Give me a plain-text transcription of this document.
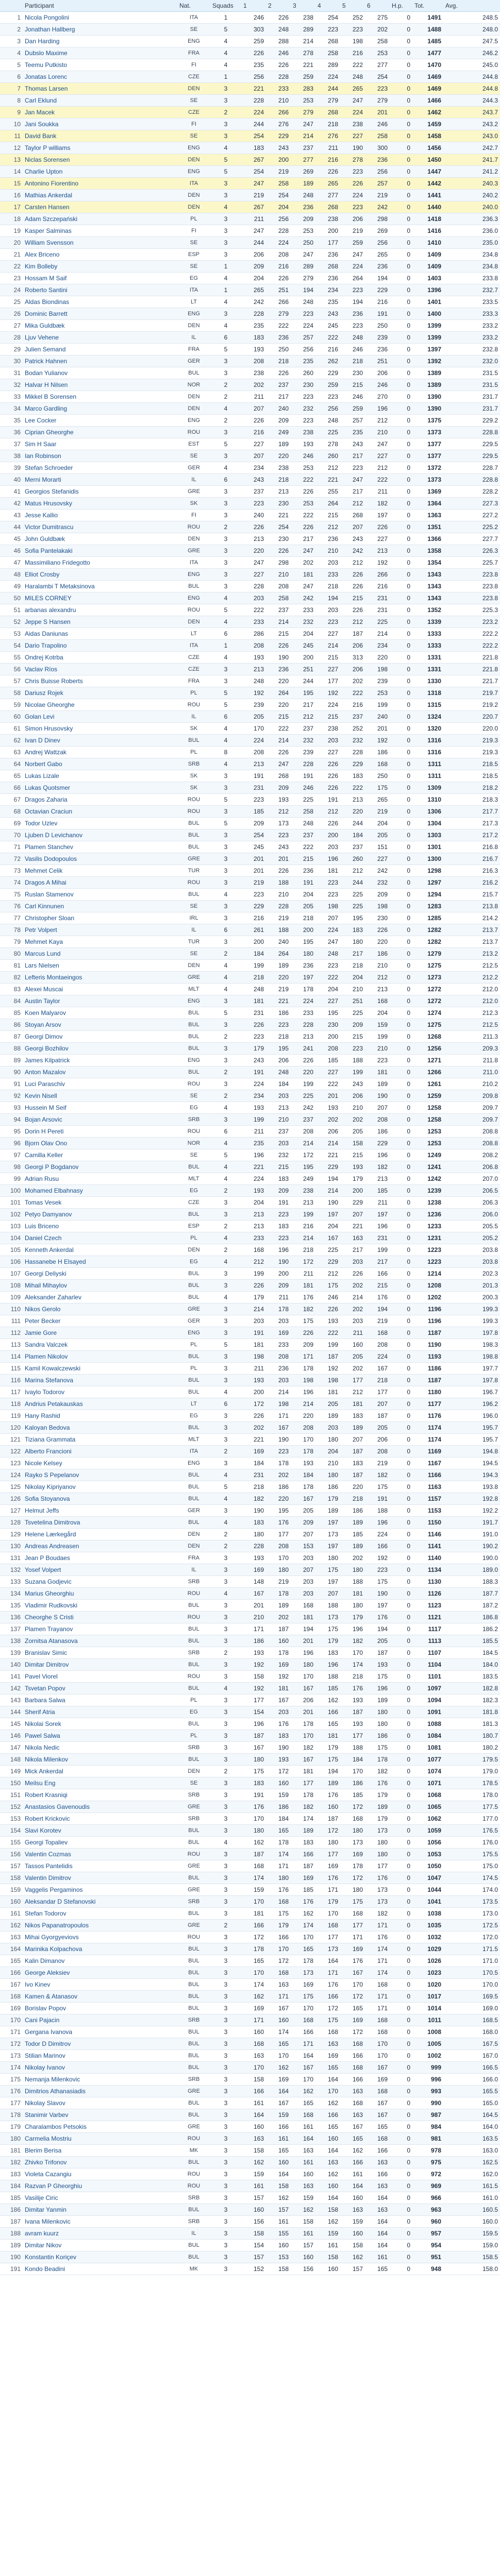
	Participant	Nat.	Squads	1	2	3	4	5	6	H.p.	Tot.	Avg.
1	Nicola Pongolini	ITA	1	246	226	238	254	252	275	0	1491	248.5
2	Jonathan Hallberg	SE	5	303	248	289	223	223	202	0	1488	248.0
3	Dan Harding	ENG	4	259	288	214	268	198	258	0	1485	247.5
4	Dubslo Maxime	FRA	4	226	246	278	258	216	253	0	1477	246.2
5	Teemu Putkisto	FI	4	235	226	221	289	222	277	0	1470	245.0
6	Jonatas Lorenc	CZE	1	256	228	259	224	248	254	0	1469	244.8
7	Thomas Larsen	DEN	3	221	233	283	244	265	223	0	1469	244.8
8	Carl Eklund	SE	3	228	210	253	279	247	279	0	1466	244.3
9	Jan Macek	CZE	2	224	266	279	268	224	201	0	1462	243.7
10	Jani Soukka	FI	3	244	276	247	218	238	246	0	1459	243.2
11	David Bank	SE	3	254	229	214	276	227	258	0	1458	243.0
12	Taylor P williams	ENG	4	183	243	237	211	190	300	0	1456	242.7
13	Niclas Sorensen	DEN	5	267	200	277	216	278	236	0	1450	241.7
14	Charlie Upton	ENG	5	254	219	269	226	223	256	0	1447	241.2
15	Antonino Fiorentino	ITA	3	247	258	189	265	226	257	0	1442	240.3
16	Mathias Ankerdal	DEN	3	219	254	248	277	224	219	0	1441	240.2
17	Carsten Hansen	DEN	4	267	204	236	268	223	242	0	1440	240.0
18	Adam Szczepański	PL	3	211	256	209	238	206	298	0	1418	236.3
19	Kasper Salminas	FI	3	247	228	253	200	219	269	0	1416	236.0
20	William Svensson	SE	3	244	224	250	177	259	256	0	1410	235.0
21	Alex Briceno	ESP	3	206	208	247	236	247	265	0	1409	234.8
22	Kim Bolleby	SE	1	209	216	289	268	224	236	0	1409	234.8
23	Hossam M Saif	EG	4	204	226	279	236	264	194	0	1403	233.8
24	Roberto Santini	ITA	1	265	251	194	234	223	229	0	1396	232.7
25	Aldas Biondinas	LT	4	242	266	248	235	194	216	0	1401	233.5
26	Dominic Barrett	ENG	3	228	279	223	243	236	191	0	1400	233.3
27	Mika Guldbæk	DEN	4	235	222	224	245	223	250	0	1399	233.2
28	Ljuv Vehene	IL	6	183	236	257	222	248	239	0	1399	233.2
29	Julien Semand	FRA	5	193	250	256	216	246	236	0	1397	232.8
30	Patrick Hahnen	GER	3	208	218	235	262	218	251	0	1392	232.0
31	Bodan Yulianov	BUL	3	238	226	260	229	230	206	0	1389	231.5
32	Halvar H Nilsen	NOR	2	202	237	230	259	215	246	0	1389	231.5
33	Mikkel B Sorensen	DEN	2	211	217	223	223	246	270	0	1390	231.7
34	Marco Gardling	DEN	4	207	240	232	256	259	196	0	1390	231.7
35	Lee Cocker	ENG	2	226	209	223	248	257	212	0	1375	229.2
36	Ciprian Gheorghe	ROU	3	216	249	238	225	235	210	0	1373	228.8
37	Sim H Saar	EST	5	227	189	193	278	243	247	0	1377	229.5
38	Ian Robinson	SE	3	207	220	246	260	217	227	0	1377	229.5
39	Stefan Schroeder	GER	4	234	238	253	212	223	212	0	1372	228.7
40	Merni Morarti	IL	6	243	218	222	221	247	222	0	1373	228.8
41	Georgios Stefanidis	GRE	3	237	213	226	255	217	211	0	1369	228.2
42	Matus Hrusovsky	SK	3	223	230	253	264	212	182	0	1364	227.3
43	Jesse Kallio	FI	3	240	221	222	215	268	197	0	1363	227.2
44	Victor Dumitrascu	ROU	2	226	254	226	212	207	226	0	1351	225.2
45	John Guldbæk	DEN	3	213	230	217	236	243	227	0	1366	227.7
46	Sofia Pantelakaki	GRE	3	220	226	247	210	242	213	0	1358	226.3
47	Massimiliano Fridegotto	ITA	3	247	298	202	203	212	192	0	1354	225.7
48	Elliot Crosby	ENG	3	227	210	181	233	226	266	0	1343	223.8
49	Haralambi T Metaksinova	BUL	3	228	208	247	218	226	216	0	1343	223.8
50	MILES CORNEY	ENG	4	203	258	242	194	215	231	0	1343	223.8
51	arbanas alexandru	ROU	5	222	237	233	203	226	231	0	1352	225.3
52	Jeppe S Hansen	DEN	4	233	214	232	223	212	225	0	1339	223.2
53	Aidas Daniunas	LT	6	286	215	204	227	187	214	0	1333	222.2
54	Dario Trapolino	ITA	1	208	226	245	214	206	234	0	1333	222.2
55	Ondrej Kotrba	CZE	4	193	190	200	215	313	220	0	1331	221.8
56	Vaclav Ríos	CZE	3	213	236	251	227	206	198	0	1331	221.8
57	Chris Buisse Roberts	FRA	3	248	220	244	177	202	239	0	1330	221.7
58	Dariusz Rojek	PL	5	192	264	195	192	222	253	0	1318	219.7
59	Nicolae Gheorghe	ROU	5	239	220	217	224	216	199	0	1315	219.2
60	Golan Levi	IL	6	205	215	212	215	237	240	0	1324	220.7
61	Simon Hrusovsky	SK	4	170	222	237	238	252	201	0	1320	220.0
62	Ivan D Dinev	BUL	4	224	214	232	203	232	192	0	1316	219.3
63	Andrej Wattzak	PL	8	208	226	239	227	228	186	0	1316	219.3
64	Norbert Gabo	SRB	4	213	247	228	226	229	168	0	1311	218.5
65	Lukas Lizale	SK	3	191	268	191	226	183	250	0	1311	218.5
66	Lukas Quotsmer	SK	3	231	209	246	226	222	175	0	1309	218.2
67	Dragos Zaharia	ROU	5	223	193	225	191	213	265	0	1310	218.3
68	Octavian Craciun	ROU	3	185	212	258	212	220	219	0	1306	217.7
69	Todor Uzlev	BUL	5	209	173	248	226	244	204	0	1304	217.3
70	Ljuben D Levichanov	BUL	3	254	223	237	200	184	205	0	1303	217.2
71	Plamen Stanchev	BUL	3	245	243	222	203	237	151	0	1301	216.8
72	Vasilis Dodopoulos	GRE	3	201	201	215	196	260	227	0	1300	216.7
73	Mehmet Celik	TUR	3	201	226	236	181	212	242	0	1298	216.3
74	Dragos A Mihai	ROU	3	219	188	191	223	244	232	0	1297	216.2
75	Ruslan Stamenov	BUL	4	223	210	204	223	225	209	0	1294	215.7
76	Carl Kinnunen	SE	3	229	228	205	198	225	198	0	1283	213.8
77	Christopher Sloan	IRL	3	216	219	218	207	195	230	0	1285	214.2
78	Petr Volpert	IL	6	261	188	200	224	183	226	0	1282	213.7
79	Mehmet Kaya	TUR	3	200	240	195	247	180	220	0	1282	213.7
80	Marcus Lund	SE	2	184	264	180	248	217	186	0	1279	213.2
81	Lars Nielsen	DEN	4	199	189	236	223	218	210	0	1275	212.5
82	Lefteris Montaeingos	GRE	4	218	220	197	222	204	212	0	1273	212.2
83	Alexei Muscai	MLT	4	248	219	178	204	210	213	0	1272	212.0
84	Austin Taylor	ENG	3	181	221	224	227	251	168	0	1272	212.0
85	Koen Malyarov	BUL	5	231	186	233	195	225	204	0	1274	212.3
86	Stoyan Arsov	BUL	3	226	223	228	230	209	159	0	1275	212.5
87	Georgi Dimov	BUL	2	223	218	213	200	215	199	0	1268	211.3
88	Georgi Bozhilov	BUL	3	179	195	241	208	223	210	0	1256	209.3
89	James Kilpatrick	ENG	3	243	206	226	185	188	223	0	1271	211.8
90	Anton Mazalov	BUL	2	191	248	220	227	199	181	0	1266	211.0
91	Luci Paraschiv	ROU	3	224	184	199	222	243	189	0	1261	210.2
92	Kevin Nisell	SE	2	234	203	225	201	206	190	0	1259	209.8
93	Hussein M Seif	EG	4	193	213	242	193	210	207	0	1258	209.7
94	Bojan Arsovic	SRB	3	199	210	237	202	202	208	0	1258	209.7
95	Dorin H Pereti	ROU	6	211	237	208	206	205	186	0	1253	208.8
96	Bjorn Olav Ono	NOR	4	235	203	214	214	158	229	0	1253	208.8
97	Camilla Keller	SE	5	196	232	172	221	215	196	0	1249	208.2
98	Georgi P Bogdanov	BUL	4	221	215	195	229	193	182	0	1241	206.8
99	Adrian Rusu	MLT	4	224	183	249	194	179	213	0	1242	207.0
100	Mohamed Elbahnasy	EG	2	193	209	238	214	200	185	0	1239	206.5
101	Tomas Vesek	CZE	3	204	191	213	190	229	211	0	1238	206.3
102	Petyo Damyanov	BUL	3	213	223	199	197	207	197	0	1236	206.0
103	Luis Briceno	ESP	2	213	183	216	204	221	196	0	1233	205.5
104	Daniel Czech	PL	4	233	223	214	167	163	231	0	1231	205.2
105	Kenneth Ankerdal	DEN	2	168	196	218	225	217	199	0	1223	203.8
106	Hassanebe H Elsayed	EG	4	212	190	172	229	203	217	0	1223	203.8
107	Georgi Deliyski	BUL	3	199	200	211	212	226	166	0	1214	202.3
108	Mihail Mihaylov	BUL	3	226	209	181	175	202	215	0	1208	201.3
109	Aleksander Zaharlev	BUL	4	179	211	176	246	214	176	0	1202	200.3
110	Nikos Gerolo	GRE	3	214	178	182	226	202	194	0	1196	199.3
111	Peter Becker	GER	3	203	203	175	193	203	219	0	1196	199.3
112	Jamie Gore	ENG	3	191	169	226	222	211	168	0	1187	197.8
113	Sandra Valczek	PL	5	181	233	209	199	160	208	0	1190	198.3
114	Plamen Nikolov	BUL	3	198	208	171	187	205	224	0	1193	198.8
115	Kamil Kowalczewski	PL	3	211	236	178	192	202	167	0	1186	197.7
116	Marina Stefanova	BUL	3	193	203	198	198	177	218	0	1187	197.8
117	Ivaylo Todorov	BUL	4	200	214	196	181	212	177	0	1180	196.7
118	Andrius Petakauskas	LT	6	172	198	214	205	181	207	0	1177	196.2
119	Hany Rashid	EG	3	226	171	220	189	183	187	0	1176	196.0
120	Kaloyan Bedova	BUL	3	202	167	208	203	189	205	0	1174	195.7
121	Tiziana Grammata	MLT	3	221	190	170	180	207	206	0	1174	195.7
122	Alberto Francioni	ITA	2	169	223	178	204	187	208	0	1169	194.8
123	Nicole Kelsey	ENG	3	184	178	193	210	183	219	0	1167	194.5
124	Rayko S Pepelanov	BUL	4	231	202	184	180	187	182	0	1166	194.3
125	Nikolay Kipriyanov	BUL	5	218	186	178	186	220	175	0	1163	193.8
126	Sofia Stoyanova	BUL	4	182	220	167	179	218	191	0	1157	192.8
127	Helmut Jeffs	GER	3	190	195	205	189	186	188	0	1153	192.2
128	Tsvetelina Dimitrova	BUL	4	183	176	209	197	189	196	0	1150	191.7
129	Helene Lærkegård	DEN	2	180	177	207	173	185	224	0	1146	191.0
130	Andreas Andreasen	DEN	2	228	208	153	197	189	166	0	1141	190.2
131	Jean P Boudaes	FRA	3	193	170	203	180	202	192	0	1140	190.0
132	Yosef Volpert	IL	3	169	180	207	175	180	223	0	1134	189.0
133	Suzana Godjevic	SRB	3	148	219	203	197	188	175	0	1130	188.3
134	Marius Gheorghiu	ROU	4	167	178	203	207	181	190	0	1126	187.7
135	Vladimir Rudkovski	BUL	3	201	189	168	188	180	197	0	1123	187.2
136	Cheorghe S Cristi	ROU	3	210	202	181	173	179	176	0	1121	186.8
137	Plamen Trayanov	BUL	3	171	187	194	175	196	194	0	1117	186.2
138	Zornitsa Atanasova	BUL	3	186	160	201	179	182	205	0	1113	185.5
139	Branislav Simic	SRB	2	193	178	196	183	170	187	0	1107	184.5
140	Dimitar Dimitrov	BUL	3	192	169	180	196	174	193	0	1104	184.0
141	Pavel Viorel	ROU	3	158	192	170	188	218	175	0	1101	183.5
142	Tsvetan Popov	BUL	4	192	181	167	185	176	196	0	1097	182.8
143	Barbara Salwa	PL	3	177	167	206	162	193	189	0	1094	182.3
144	Sherif Atria	EG	3	154	203	201	166	187	180	0	1091	181.8
145	Nikolai Sorek	BUL	3	196	176	178	165	193	180	0	1088	181.3
146	Pawel Salwa	PL	3	187	183	170	181	177	186	0	1084	180.7
147	Nikola Nedic	SRB	3	167	190	182	179	188	175	0	1081	180.2
148	Nikola Milenkov	BUL	3	180	193	167	175	184	178	0	1077	179.5
149	Mick Ankerdal	DEN	2	175	172	181	194	170	182	0	1074	179.0
150	Meilsu Eng	SE	3	183	160	177	189	186	176	0	1071	178.5
151	Robert Krasniqi	SRB	3	191	159	178	176	185	179	0	1068	178.0
152	Anastasios Gavenoudis	GRE	3	176	186	182	160	172	189	0	1065	177.5
153	Robert Krickovic	SRB	3	170	184	174	187	168	179	0	1062	177.0
154	Slavi Korotev	BUL	3	180	165	189	172	180	173	0	1059	176.5
155	Georgi Topaliev	BUL	4	162	178	183	180	173	180	0	1056	176.0
156	Valentin Cozmas	ROU	3	187	174	166	177	169	180	0	1053	175.5
157	Tassos Pantelidis	GRE	3	168	171	187	169	178	177	0	1050	175.0
158	Valentin Dimitrov	BUL	3	174	180	169	176	172	176	0	1047	174.5
159	Vaggelis Pergaminos	GRE	3	159	176	185	171	180	173	0	1044	174.0
160	Aleksandar D Stefanovski	SRB	3	170	168	176	179	175	173	0	1041	173.5
161	Stefan Todorov	BUL	3	181	175	162	170	168	182	0	1038	173.0
162	Nikos Papanatropoulos	GRE	2	166	179	174	168	177	171	0	1035	172.5
163	Mihai Gyorgyeviovs	ROU	3	172	166	170	177	171	176	0	1032	172.0
164	Marinika Kolpachova	BUL	3	178	170	165	173	169	174	0	1029	171.5
165	Kalin Dimanov	BUL	3	165	172	178	164	176	171	0	1026	171.0
166	George Aleksiev	BUL	3	170	168	173	171	167	174	0	1023	170.5
167	Ivo Kinev	BUL	3	174	163	169	176	170	168	0	1020	170.0
168	Kamen & Atanasov	BUL	3	162	171	175	166	172	171	0	1017	169.5
169	Borislav Popov	BUL	3	169	167	170	172	165	171	0	1014	169.0
170	Cani Pajacin	SRB	3	171	160	168	175	169	168	0	1011	168.5
171	Gergana Ivanova	BUL	3	160	174	166	168	172	168	0	1008	168.0
172	Todor D Dimitrov	BUL	3	168	165	171	163	168	170	0	1005	167.5
173	Stilian Marinov	BUL	3	163	170	164	169	166	170	0	1002	167.0
174	Nikolay Ivanov	BUL	3	170	162	167	165	168	167	0	999	166.5
175	Nemanja Milenkovic	SRB	3	158	169	170	164	166	169	0	996	166.0
176	Dimitrios Athanasiadis	GRE	3	166	164	162	170	163	168	0	993	165.5
177	Nikolay Slavov	BUL	3	161	167	165	162	168	167	0	990	165.0
178	Stanimir Varbev	BUL	3	164	159	168	166	163	167	0	987	164.5
179	Charalambos Petsokis	GRE	3	160	166	161	165	167	165	0	984	164.0
180	Carmelia Mostriu	ROU	3	163	161	164	160	165	168	0	981	163.5
181	Blerim Berisa	MK	3	158	165	163	164	162	166	0	978	163.0
182	Zhivko Trifonov	BUL	3	162	160	161	163	166	163	0	975	162.5
183	Violeta Cazangiu	ROU	3	159	164	160	162	161	166	0	972	162.0
184	Razvan P Gheorghiu	ROU	3	161	158	163	160	164	163	0	969	161.5
185	Vasilije Ciric	SRB	3	157	162	159	164	160	164	0	966	161.0
186	Dimitar Yanmin	BUL	3	160	157	162	158	163	163	0	963	160.5
187	Ivana Milenkovic	SRB	3	156	161	158	162	159	164	0	960	160.0
188	avram kuurz	IL	3	158	155	161	159	160	164	0	957	159.5
189	Dimitar Nikov	BUL	3	154	160	157	161	158	164	0	954	159.0
190	Konstantin Koriçev	BUL	3	157	153	160	158	162	161	0	951	158.5
191	Kondo Beadini	MK	3	152	158	156	160	157	165	0	948	158.0
